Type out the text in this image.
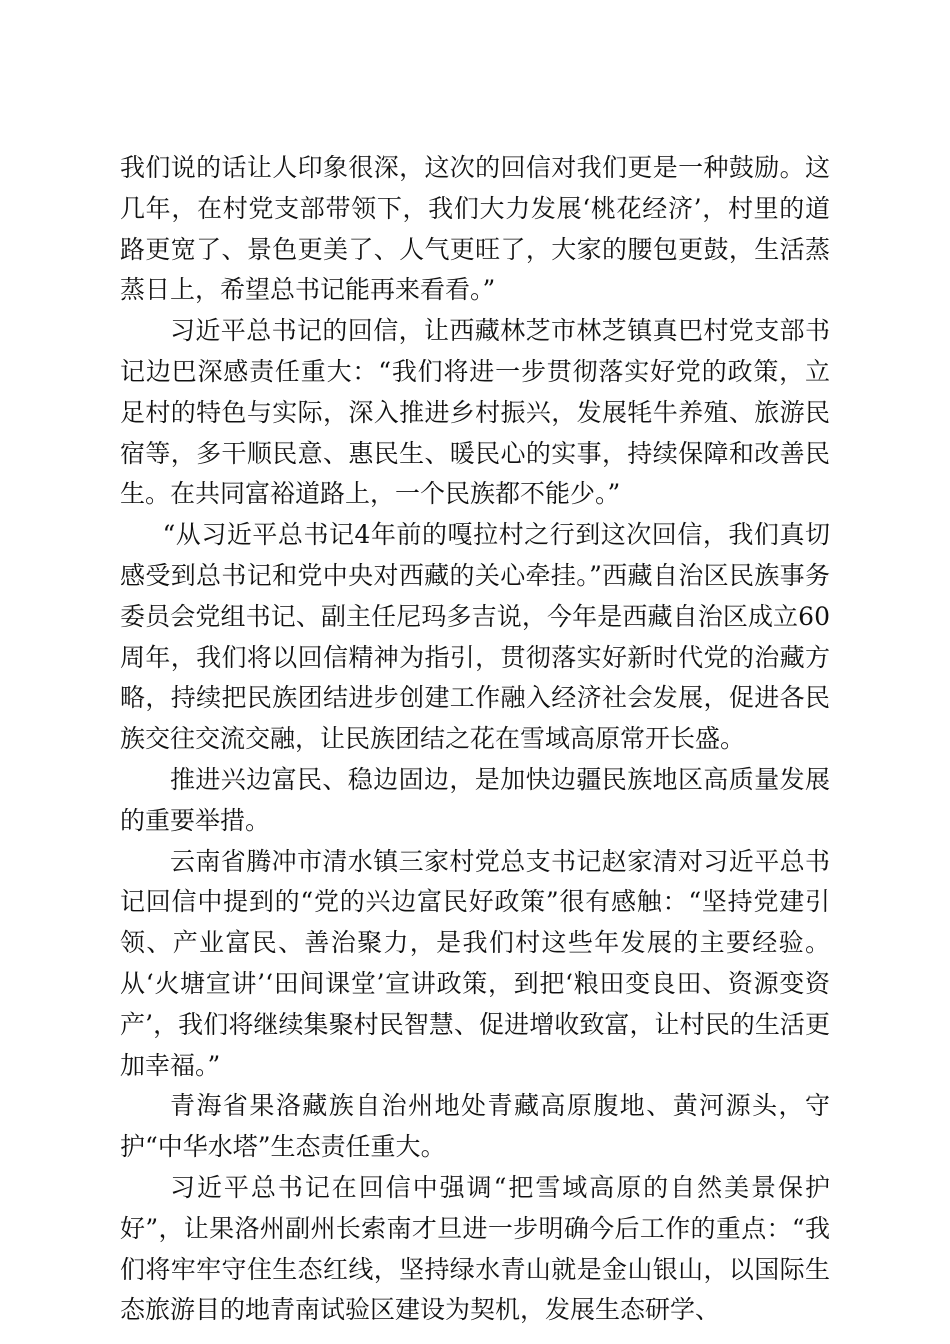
我们说的话让人印象很深，这次的回信对我们更是一种鼓励。这几年，在村党支部带领下，我们大力发展‘桃花经济’，村里的道路更宽了、景色更美了、人气更旺了，大家的腰包更鼓，生活蒸蒸日上，希望总书记能再来看看。”

习近平总书记的回信，让西藏林芝市林芝镇真巴村党支部书记边巴深感责任重大：“我们将进一步贯彻落实好党的政策，立足村的特色与实际，深入推进乡村振兴，发展牦牛养殖、旅游民宿等，多干顺民意、惠民生、暖民心的实事，持续保障和改善民生。在共同富裕道路上，一个民族都不能少。”

“从习近平总书记4年前的嘎拉村之行到这次回信，我们真切感受到总书记和党中央对西藏的关心牵挂。”西藏自治区民族事务委员会党组书记、副主任尼玛多吉说，今年是西藏自治区成立60周年，我们将以回信精神为指引，贯彻落实好新时代党的治藏方略，持续把民族团结进步创建工作融入经济社会发展，促进各民族交往交流交融，让民族团结之花在雪域高原常开长盛。

推进兴边富民、稳边固边，是加快边疆民族地区高质量发展的重要举措。

云南省腾冲市清水镇三家村党总支书记赵家清对习近平总书记回信中提到的“党的兴边富民好政策”很有感触：“坚持党建引领、产业富民、善治聚力，是我们村这些年发展的主要经验。从‘火塘宣讲’‘田间课堂’宣讲政策，到把‘粮田变良田、资源变资产’，我们将继续集聚村民智慧、促进增收致富，让村民的生活更加幸福。”

青海省果洛藏族自治州地处青藏高原腹地、黄河源头，守护“中华水塔”生态责任重大。

习近平总书记在回信中强调“把雪域高原的自然美景保护好”，让果洛州副州长索南才旦进一步明确今后工作的重点：“我们将牢牢守住生态红线，坚持绿水青山就是金山银山，以国际生态旅游目的地青南试验区建设为契机，发展生态研学、
